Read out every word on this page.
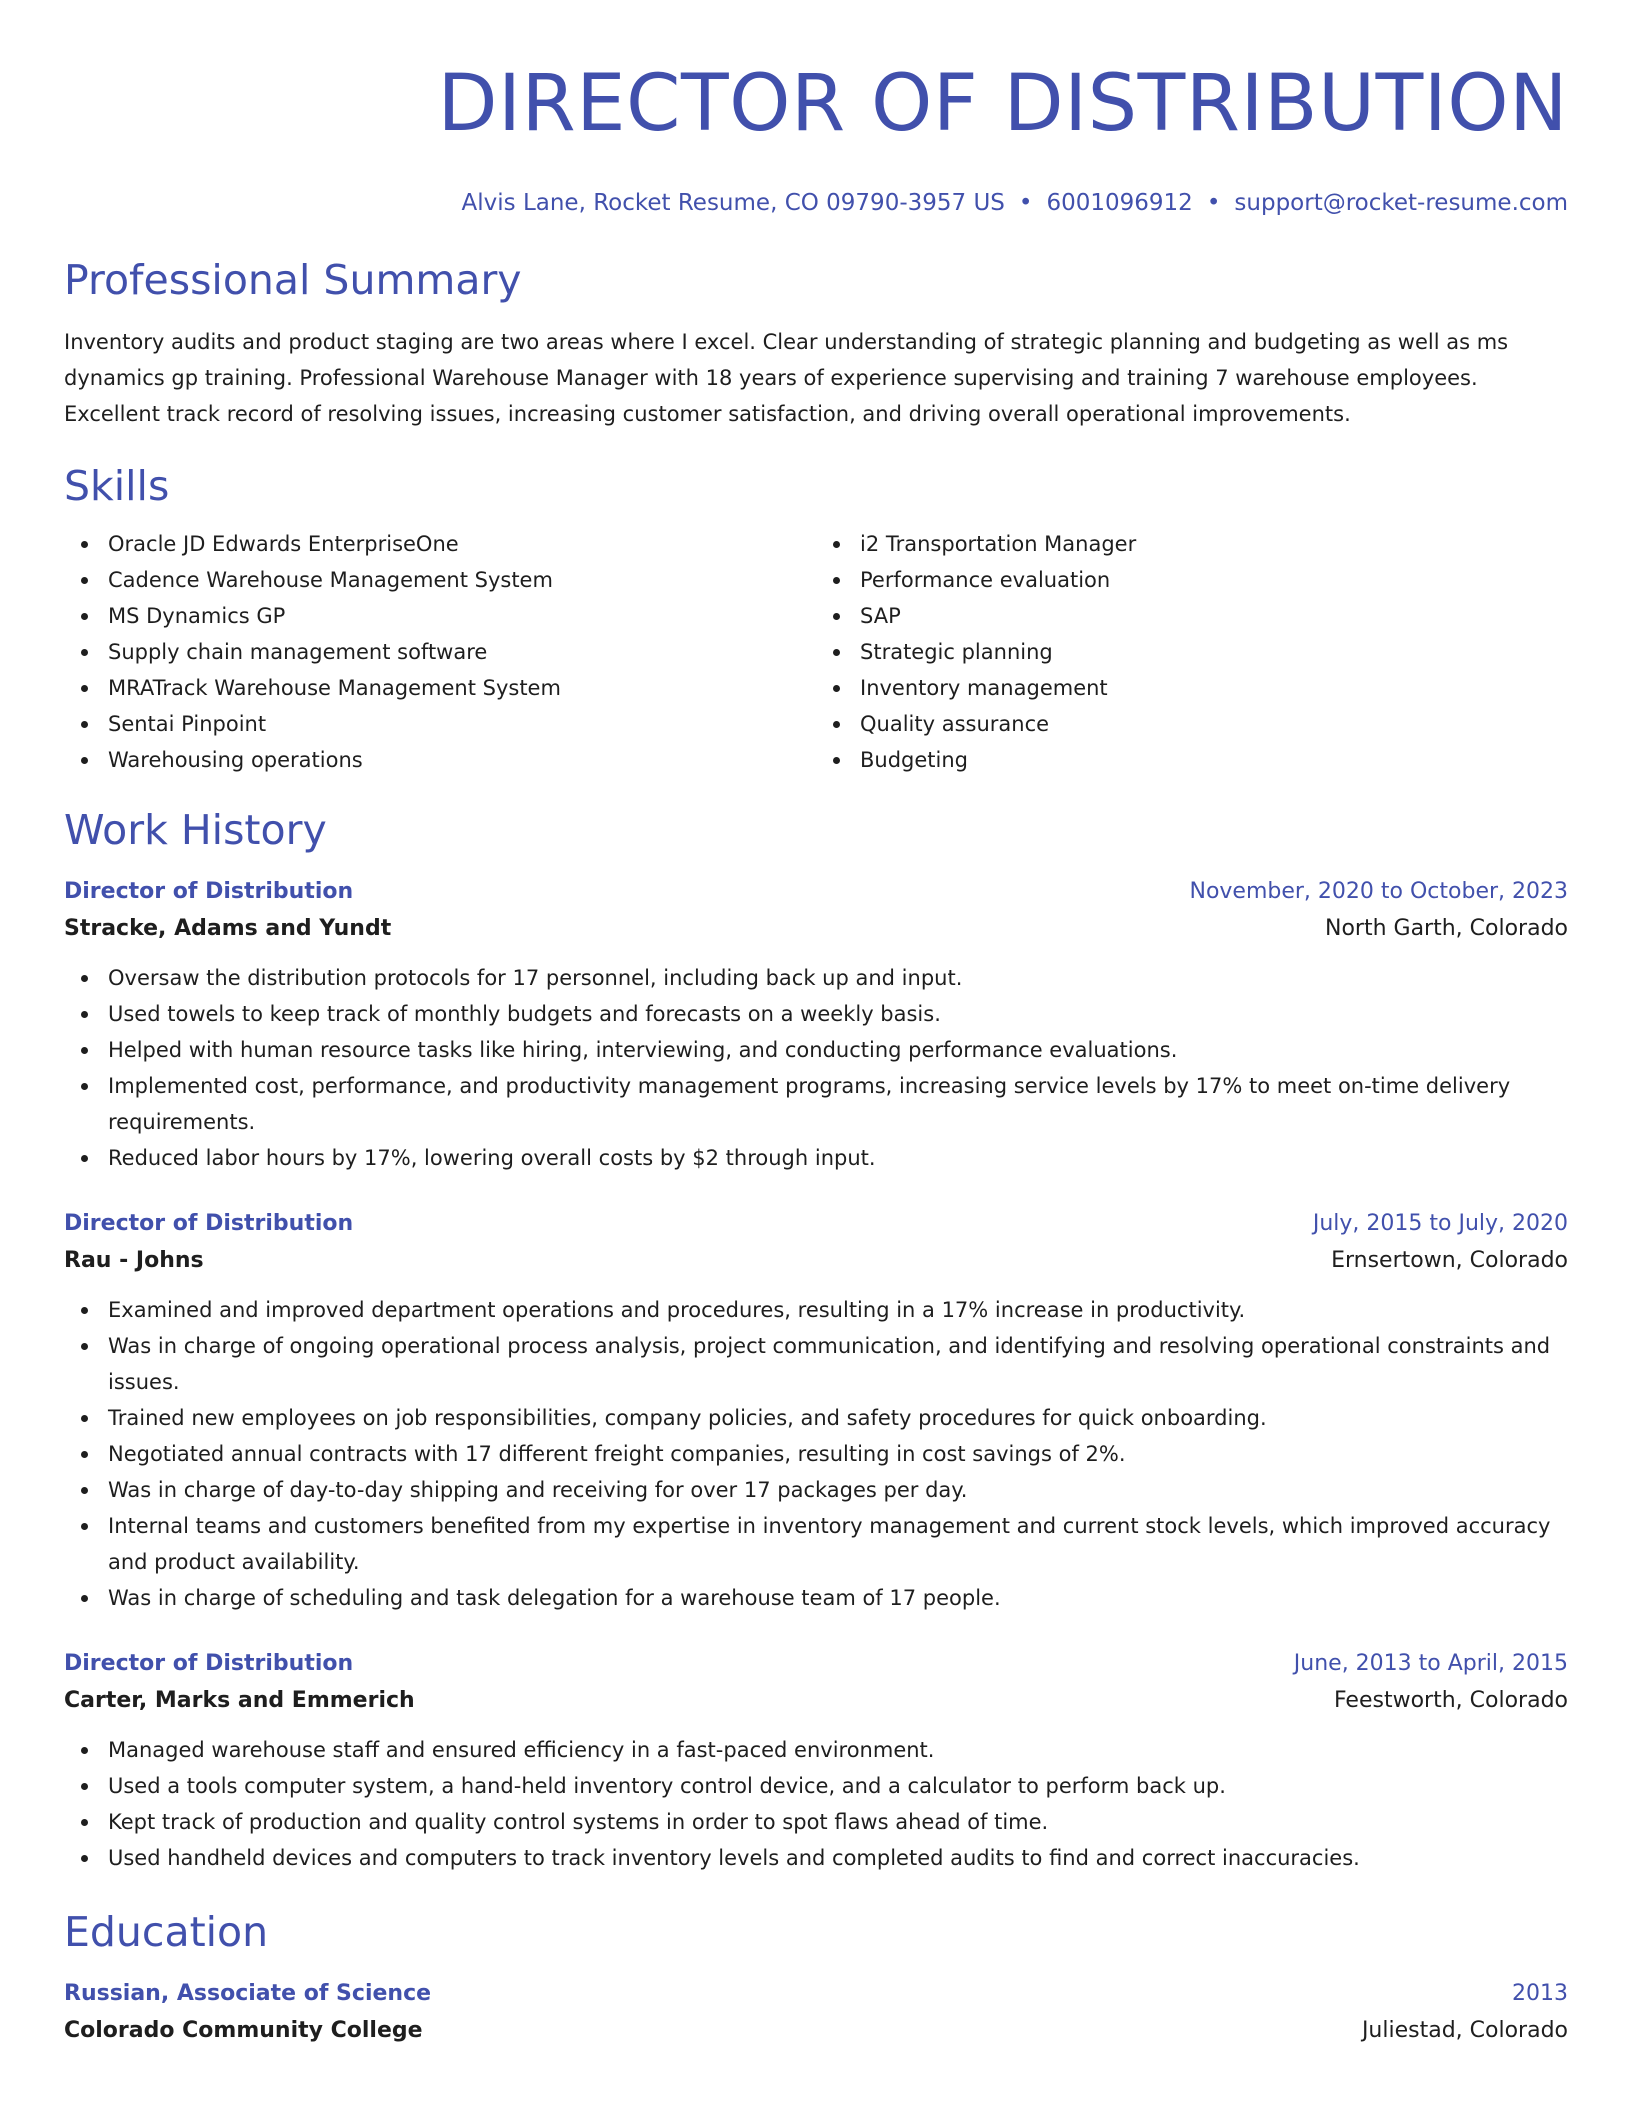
DIRECTOR OF DISTRIBUTION
Alvis Lane, Rocket Resume, CO 09790-3957 US • 6001096912 • support@rocket-resume.com
Professional Summary
Inventory audits and product staging are two areas where I excel. Clear understanding of strategic planning and budgeting as well as ms dynamics gp training. Professional Warehouse Manager with 18 years of experience supervising and training 7 warehouse employees. Excellent track record of resolving issues, increasing customer satisfaction, and driving overall operational improvements.
Skills
Oracle JD Edwards EnterpriseOne
Cadence Warehouse Management System
MS Dynamics GP
Supply chain management software
MRATrack Warehouse Management System
Sentai Pinpoint
Warehousing operations
i2 Transportation Manager
Performance evaluation
SAP
Strategic planning
Inventory management
Quality assurance
Budgeting
Work History
Director of Distribution	November, 2020 to October, 2023
Stracke, Adams and Yundt	North Garth, Colorado
Oversaw the distribution protocols for 17 personnel, including back up and input.
Used towels to keep track of monthly budgets and forecasts on a weekly basis.
Helped with human resource tasks like hiring, interviewing, and conducting performance evaluations.
Implemented cost, performance, and productivity management programs, increasing service levels by 17% to meet on-time delivery requirements.
Reduced labor hours by 17%, lowering overall costs by $2 through input.
Director of Distribution	July, 2015 to July, 2020
Rau - Johns	Ernsertown, Colorado
Examined and improved department operations and procedures, resulting in a 17% increase in productivity.
Was in charge of ongoing operational process analysis, project communication, and identifying and resolving operational constraints and issues.
Trained new employees on job responsibilities, company policies, and safety procedures for quick onboarding.
Negotiated annual contracts with 17 different freight companies, resulting in cost savings of 2%.
Was in charge of day-to-day shipping and receiving for over 17 packages per day.
Internal teams and customers benefited from my expertise in inventory management and current stock levels, which improved accuracy and product availability.
Was in charge of scheduling and task delegation for a warehouse team of 17 people.
Director of Distribution	June, 2013 to April, 2015
Carter, Marks and Emmerich	Feestworth, Colorado
Managed warehouse staff and ensured efficiency in a fast-paced environment.
Used a tools computer system, a hand-held inventory control device, and a calculator to perform back up.
Kept track of production and quality control systems in order to spot flaws ahead of time.
Used handheld devices and computers to track inventory levels and completed audits to find and correct inaccuracies.
Education
Russian, Associate of Science	2013
Colorado Community College	Juliestad, Colorado
